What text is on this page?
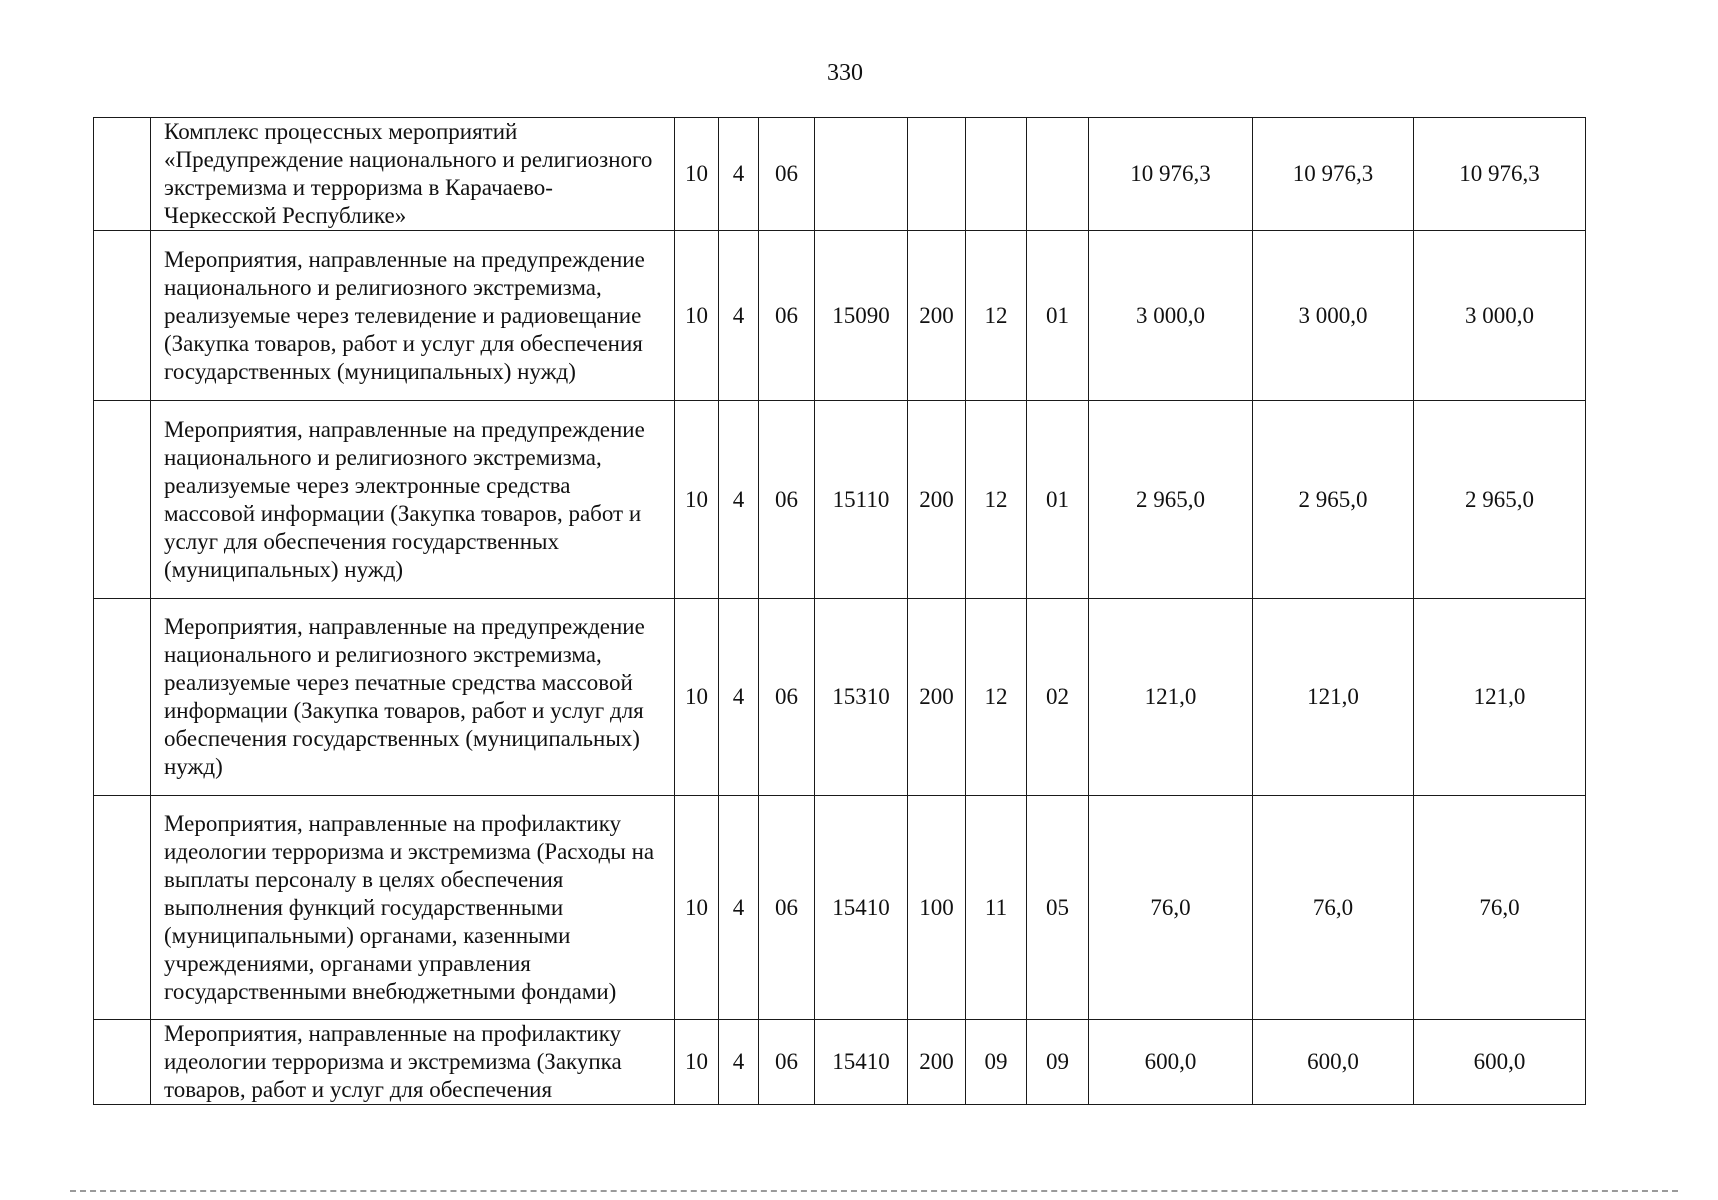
330
	Комплекс процессных мероприятий «Предупреждение национального и религиозного экстремизма и терроризма в Карачаево-Черкесской Республике»	10	4	06					10 976,3	10 976,3	10 976,3
	Мероприятия, направленные на предупреждение национального и религиозного экстремизма, реализуемые через телевидение и радиовещание (Закупка товаров, работ и услуг для обеспечения государственных (муниципальных) нужд)	10	4	06	15090	200	12	01	3 000,0	3 000,0	3 000,0
	Мероприятия, направленные на предупреждение национального и религиозного экстремизма, реализуемые через электронные средства массовой информации (Закупка товаров, работ и услуг для обеспечения государственных (муниципальных) нужд)	10	4	06	15110	200	12	01	2 965,0	2 965,0	2 965,0
	Мероприятия, направленные на предупреждение национального и религиозного экстремизма, реализуемые через печатные средства массовой информации (Закупка товаров, работ и услуг для обеспечения государственных (муниципальных) нужд)	10	4	06	15310	200	12	02	121,0	121,0	121,0
	Мероприятия, направленные на профилактику идеологии терроризма и экстремизма (Расходы на выплаты персоналу в целях обеспечения выполнения функций государственными (муниципальными) органами, казенными учреждениями, органами управления государственными внебюджетными фондами)	10	4	06	15410	100	11	05	76,0	76,0	76,0
	Мероприятия, направленные на профилактику идеологии терроризма и экстремизма (Закупка товаров, работ и услуг для обеспечения	10	4	06	15410	200	09	09	600,0	600,0	600,0
